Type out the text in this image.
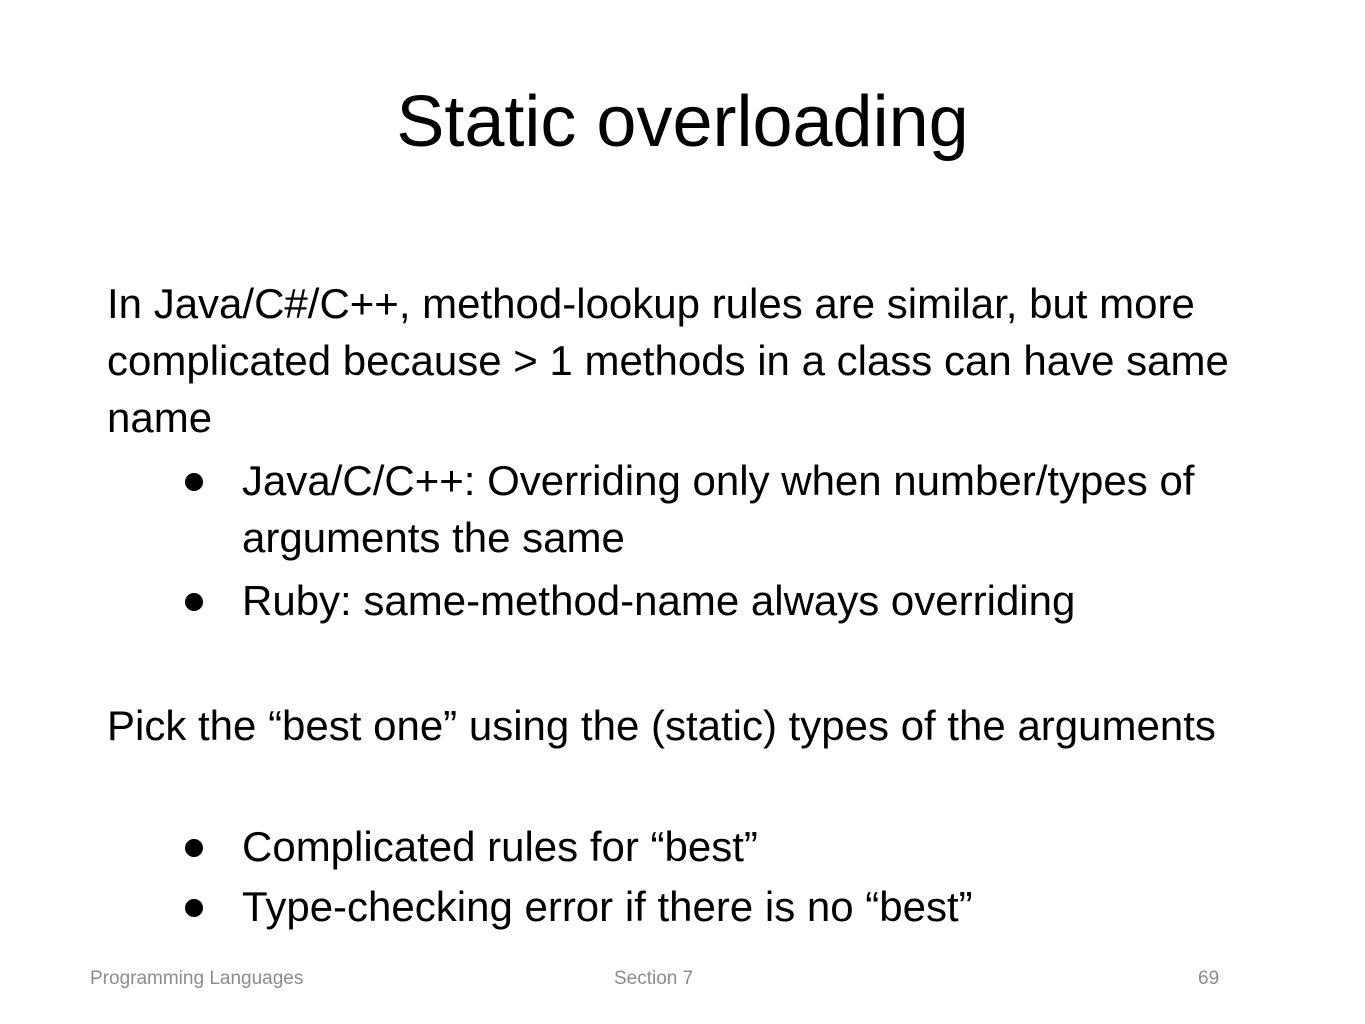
Static overloading

In Java/C#/C++, method-lookup rules are similar, but more complicated because > 1 methods in a class can have same name

Java/C/C++: Overriding only when number/types of arguments the same
Ruby: same-method-name always overriding

Pick the “best one” using the (static) types of the arguments

Complicated rules for “best”
Type-checking error if there is no “best”
Programming Languages	Section 7	69
